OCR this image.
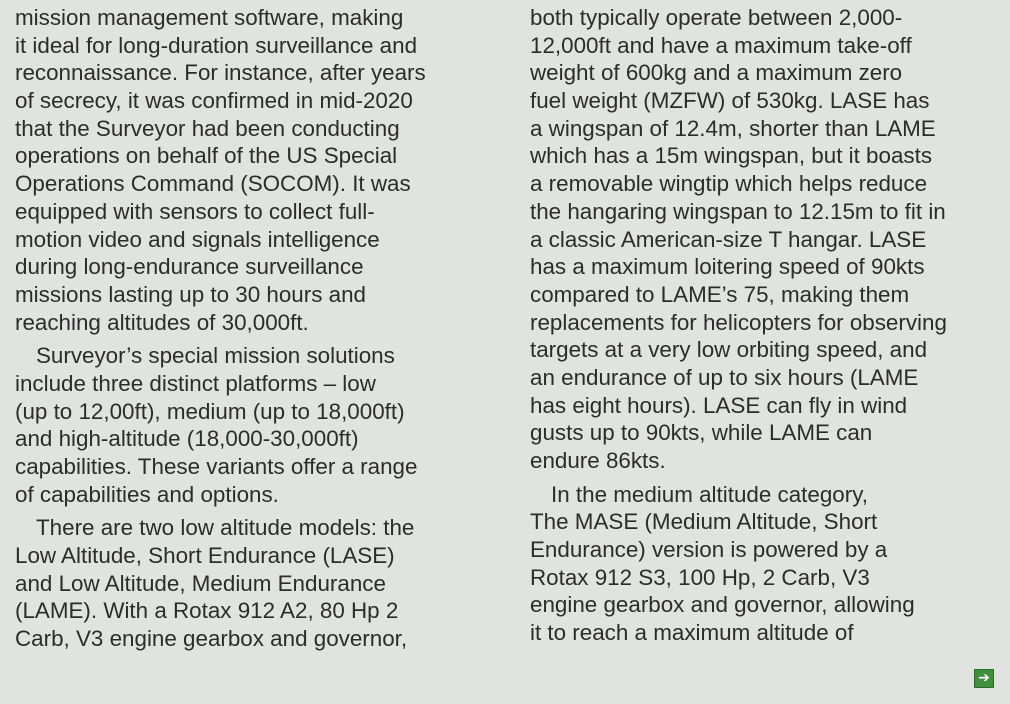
mission management software, making
it ideal for long-duration surveillance and
reconnaissance. For instance, after years
of secrecy, it was confirmed in mid-2020
that the Surveyor had been conducting
operations on behalf of the US Special
Operations Command (SOCOM). It was
equipped with sensors to collect full-
motion video and signals intelligence
during long-endurance surveillance
missions lasting up to 30 hours and
reaching altitudes of 30,000ft.
Surveyor’s special mission solutions
include three distinct platforms – low
(up to 12,00ft), medium (up to 18,000ft)
and high-altitude (18,000-30,000ft)
capabilities. These variants offer a range
of capabilities and options.
There are two low altitude models: the
Low Altitude, Short Endurance (LASE)
and Low Altitude, Medium Endurance
(LAME). With a Rotax 912 A2, 80 Hp 2
Carb, V3 engine gearbox and governor,
both typically operate between 2,000-
12,000ft and have a maximum take-off
weight of 600kg and a maximum zero
fuel weight (MZFW) of 530kg. LASE has
a wingspan of 12.4m, shorter than LAME
which has a 15m wingspan, but it boasts
a removable wingtip which helps reduce
the hangaring wingspan to 12.15m to fit in
a classic American-size T hangar. LASE
has a maximum loitering speed of 90kts
compared to LAME’s 75, making them
replacements for helicopters for observing
targets at a very low orbiting speed, and
an endurance of up to six hours (LAME
has eight hours). LASE can fly in wind
gusts up to 90kts, while LAME can
endure 86kts.
In the medium altitude category,
The MASE (Medium Altitude, Short
Endurance) version is powered by a
Rotax 912 S3, 100 Hp, 2 Carb, V3
engine gearbox and governor, allowing
it to reach a maximum altitude of
➔
